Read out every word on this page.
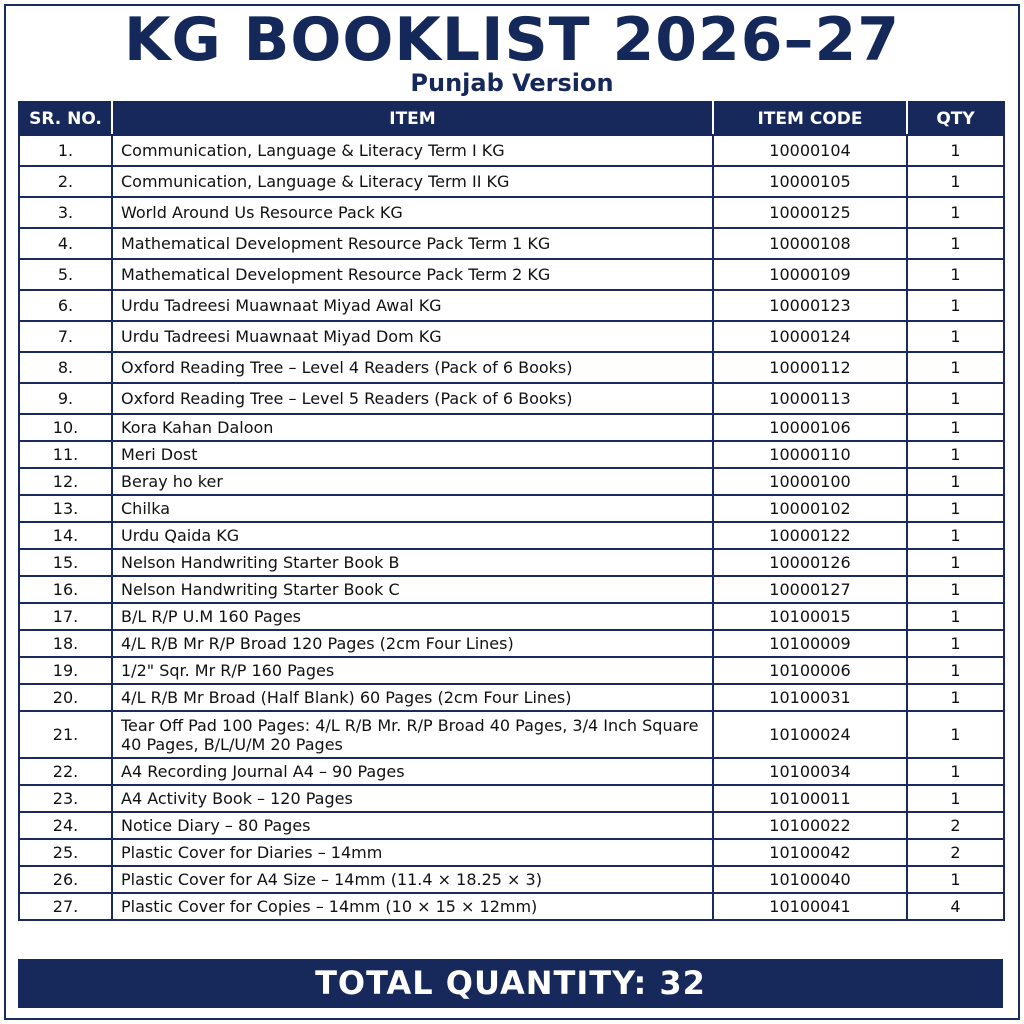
KG BOOKLIST 2026–27
Punjab Version
SR. NO.	ITEM	ITEM CODE	QTY
1.	Communication, Language & Literacy Term I KG	10000104	1
2.	Communication, Language & Literacy Term II KG	10000105	1
3.	World Around Us Resource Pack KG	10000125	1
4.	Mathematical Development Resource Pack Term 1 KG	10000108	1
5.	Mathematical Development Resource Pack Term 2 KG	10000109	1
6.	Urdu Tadreesi Muawnaat Miyad Awal KG	10000123	1
7.	Urdu Tadreesi Muawnaat Miyad Dom KG	10000124	1
8.	Oxford Reading Tree – Level 4 Readers (Pack of 6 Books)	10000112	1
9.	Oxford Reading Tree – Level 5 Readers (Pack of 6 Books)	10000113	1
10.	Kora Kahan Daloon	10000106	1
11.	Meri Dost	10000110	1
12.	Beray ho ker	10000100	1
13.	Chilka	10000102	1
14.	Urdu Qaida KG	10000122	1
15.	Nelson Handwriting Starter Book B	10000126	1
16.	Nelson Handwriting Starter Book C	10000127	1
17.	B/L R/P U.M 160 Pages	10100015	1
18.	4/L R/B Mr R/P Broad 120 Pages (2cm Four Lines)	10100009	1
19.	1/2" Sqr. Mr R/P 160 Pages	10100006	1
20.	4/L R/B Mr Broad (Half Blank) 60 Pages (2cm Four Lines)	10100031	1
21.	Tear Off Pad 100 Pages: 4/L R/B Mr. R/P Broad 40 Pages, 3/4 Inch Square 40 Pages, B/L/U/M 20 Pages	10100024	1
22.	A4 Recording Journal A4 – 90 Pages	10100034	1
23.	A4 Activity Book – 120 Pages	10100011	1
24.	Notice Diary – 80 Pages	10100022	2
25.	Plastic Cover for Diaries – 14mm	10100042	2
26.	Plastic Cover for A4 Size – 14mm (11.4 × 18.25 × 3)	10100040	1
27.	Plastic Cover for Copies – 14mm (10 × 15 × 12mm)	10100041	4
TOTAL QUANTITY: 32
